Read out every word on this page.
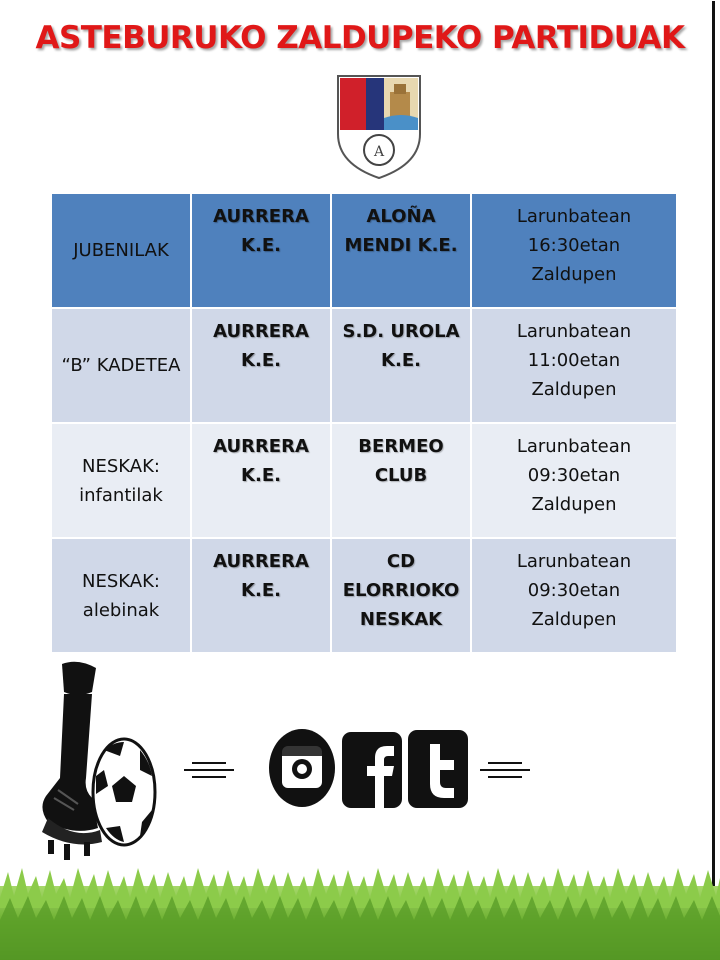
ASTEBURUKO ZALDUPEKO PARTIDUAK
A
JUBENILAK	AURRERA K.E.	ALOÑA MENDI K.E.	Larunbatean
16:30etan
Zaldupen

“B” KADETEA	AURRERA K.E.	S.D. UROLA K.E.	Larunbatean
11:00etan
Zaldupen

NESKAK: infantilak	AURRERA K.E.	BERMEO CLUB	Larunbatean
09:30etan
Zaldupen

NESKAK: alebinak	AURRERA K.E.	CD ELORRIOKO NESKAK	Larunbatean
09:30etan
Zaldupen
